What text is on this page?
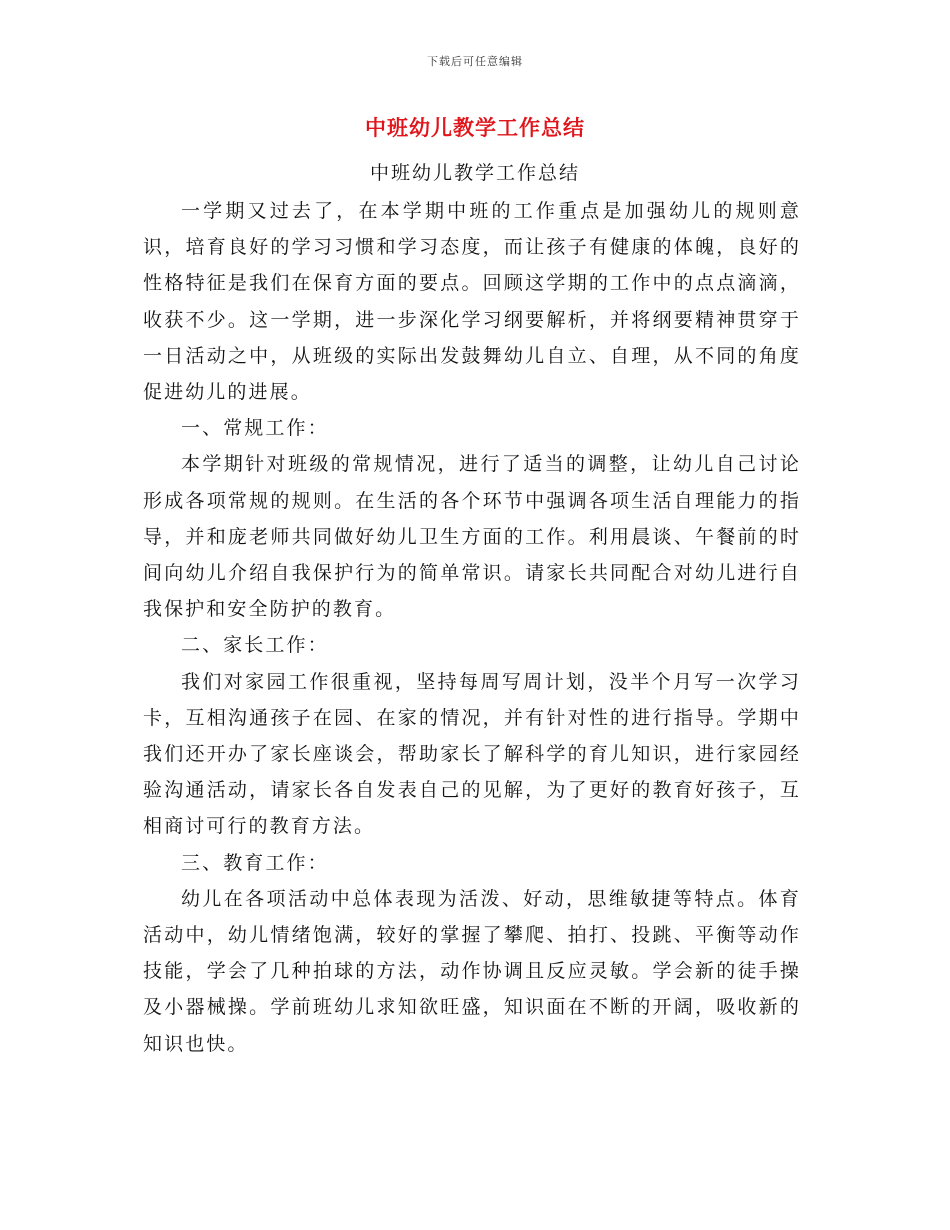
下载后可任意编辑
中班幼儿教学工作总结
中班幼儿教学工作总结

一学期又过去了，在本学期中班的工作重点是加强幼儿的规则意识，培育良好的学习习惯和学习态度，而让孩子有健康的体魄，良好的性格特征是我们在保育方面的要点。回顾这学期的工作中的点点滴滴，收获不少。这一学期，进一步深化学习纲要解析，并将纲要精神贯穿于一日活动之中，从班级的实际出发鼓舞幼儿自立、自理，从不同的角度促进幼儿的进展。

一、常规工作：

本学期针对班级的常规情况，进行了适当的调整，让幼儿自己讨论形成各项常规的规则。在生活的各个环节中强调各项生活自理能力的指导，并和庞老师共同做好幼儿卫生方面的工作。利用晨谈、午餐前的时间向幼儿介绍自我保护行为的简单常识。请家长共同配合对幼儿进行自我保护和安全防护的教育。

二、家长工作：

我们对家园工作很重视，坚持每周写周计划，没半个月写一次学习卡，互相沟通孩子在园、在家的情况，并有针对性的进行指导。学期中我们还开办了家长座谈会，帮助家长了解科学的育儿知识，进行家园经验沟通活动，请家长各自发表自己的见解，为了更好的教育好孩子，互相商讨可行的教育方法。

三、教育工作：

幼儿在各项活动中总体表现为活泼、好动，思维敏捷等特点。体育活动中，幼儿情绪饱满，较好的掌握了攀爬、拍打、投跳、平衡等动作技能，学会了几种拍球的方法，动作协调且反应灵敏。学会新的徒手操及小器械操。学前班幼儿求知欲旺盛，知识面在不断的开阔，吸收新的知识也快。
